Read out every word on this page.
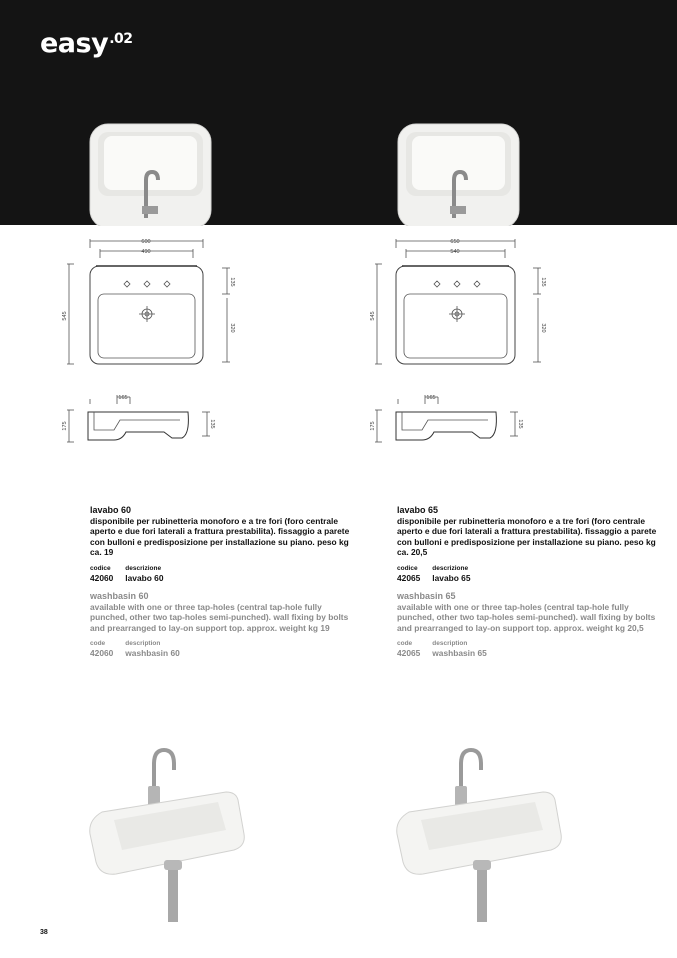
easy$^{.02}$
600
490
545
135
320
165
175	135
650
540
545
135
320
165
175	135
lavabo 60
disponibile per rubinetteria monoforo e a tre fori (foro centrale aperto e due fori laterali a frattura prestabilita). fissaggio a parete con bulloni e predisposizione per installazione su piano. peso kg ca. 19
codice
42060
descrizione
lavabo 60
washbasin 60
available with one or three tap-holes (central tap-hole fully punched, other two tap-holes semi-punched). wall fixing by bolts and prearranged to lay-on support top. approx. weight kg 19
code
42060
description
washbasin 60
lavabo 65
disponibile per rubinetteria monoforo e a tre fori (foro centrale aperto e due fori laterali a frattura prestabilita). fissaggio a parete con bulloni e predisposizione per installazione su piano. peso kg ca. 20,5
codice
42065
descrizione
lavabo 65
washbasin 65
available with one or three tap-holes (central tap-hole fully punched, other two tap-holes semi-punched). wall fixing by bolts and prearranged to lay-on support top. approx. weight kg 20,5
code
42065
description
washbasin 65
38
